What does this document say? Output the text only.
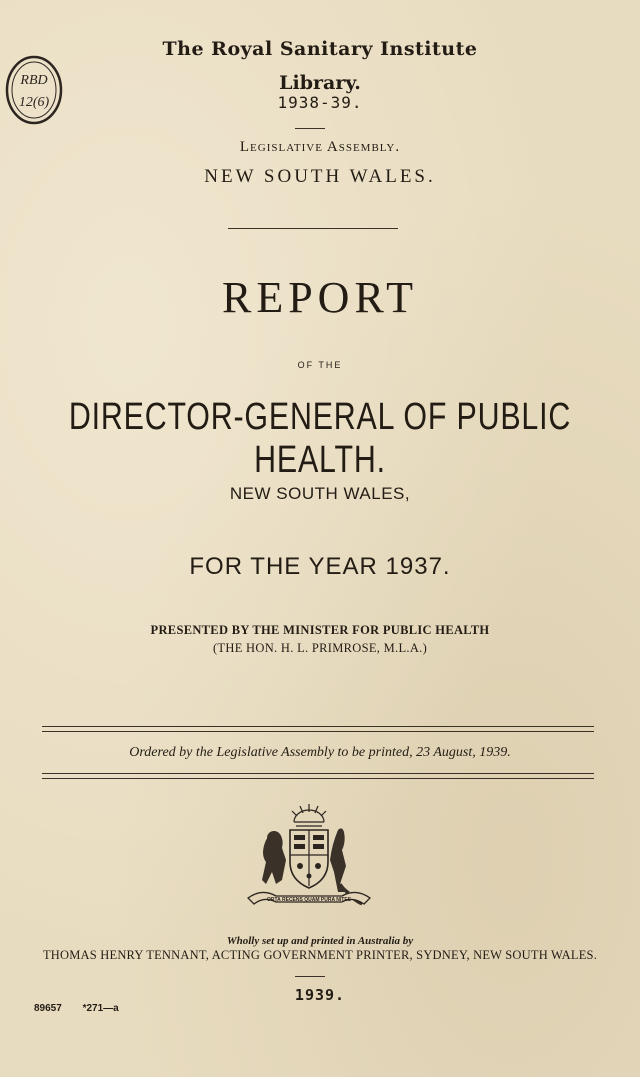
RBD
12(6)
The Royal Sanitary Institute
Library.
1938-39.
Legislative Assembly.
NEW SOUTH WALES.
REPORT
OF THE
DIRECTOR-GENERAL OF PUBLIC HEALTH.
NEW SOUTH WALES,
FOR THE YEAR 1937.
PRESENTED BY THE MINISTER FOR PUBLIC HEALTH
(THE HON. H. L. PRIMROSE, M.L.A.)
Ordered by the Legislative Assembly to be printed, 23 August, 1939.
ORTA RECENS QUAM PURA NITES
Wholly set up and printed in Australia by
THOMAS HENRY TENNANT, ACTING GOVERNMENT PRINTER, SYDNEY, NEW SOUTH WALES.
1939.
89657 *271—a
